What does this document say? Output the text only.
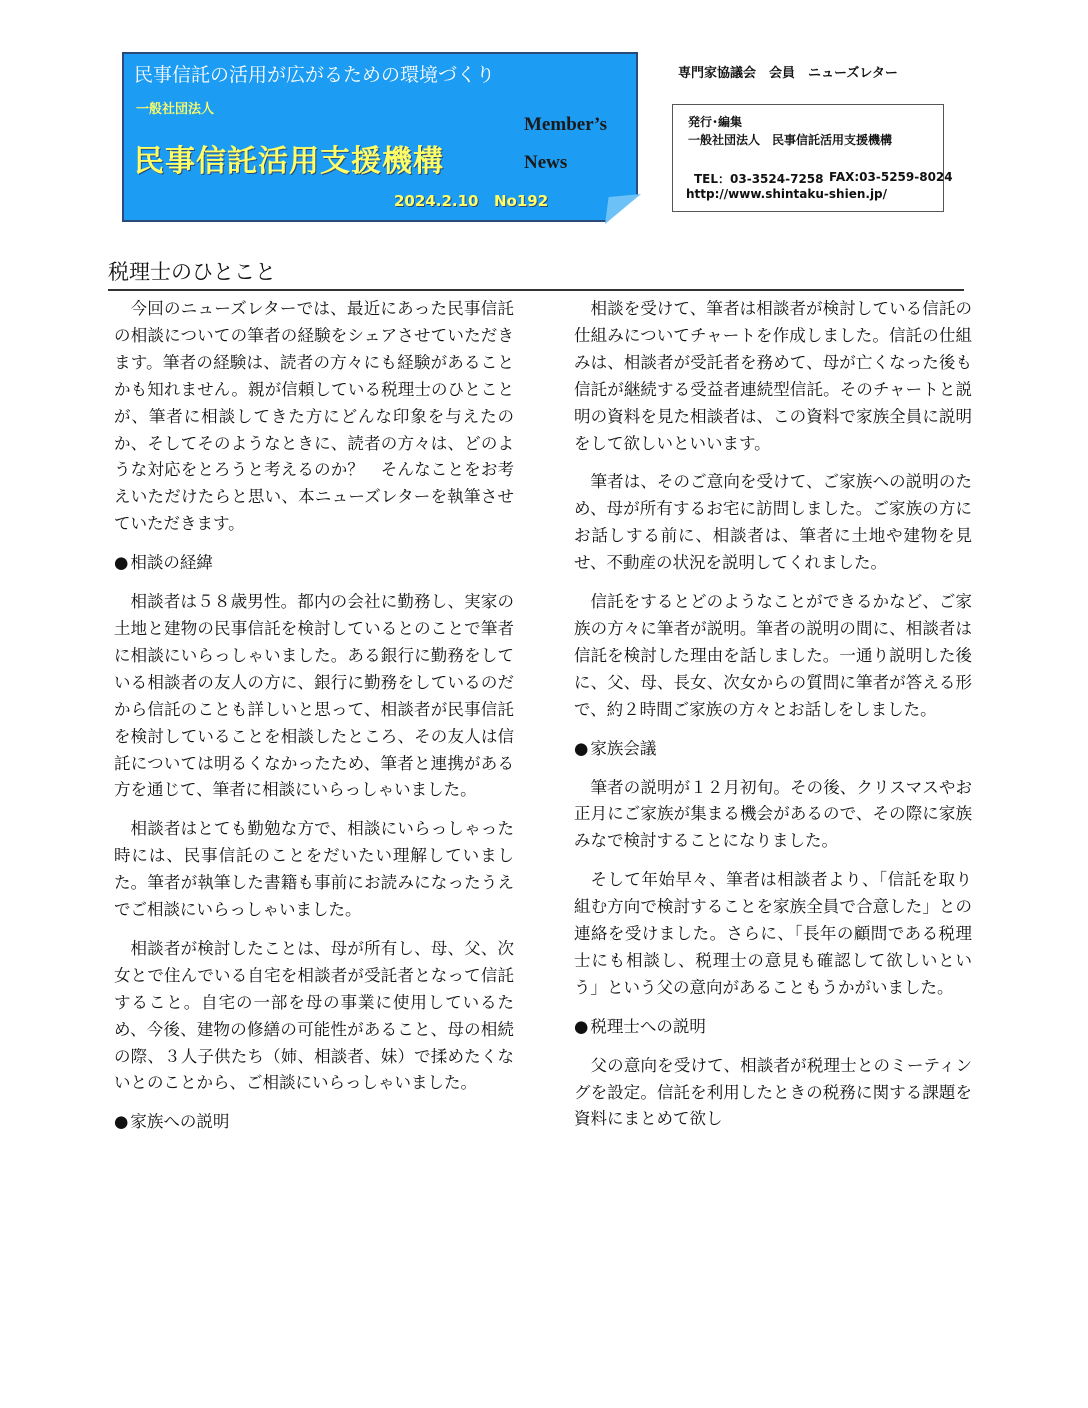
民事信託の活用が広がるための環境づくり
一般社団法人
民事信託活用支援機構
Member’s
News
2024.2.10 No192
専門家協議会　会員　ニューズレター
発行･編集
一般社団法人　民事信託活用支援機構
TEL：03-3524-7258 FAX:03-5259-8024
http://www.shintaku-shien.jp/
税理士のひとこと

今回のニューズレターでは、最近にあった民事信託の相談についての筆者の経験をシェアさせていただきます。筆者の経験は、読者の方々にも経験があることかも知れません。親が信頼している税理士のひとことが、筆者に相談してきた方にどんな印象を与えたのか、そしてそのようなときに、読者の方々は、どのような対応をとろうと考えるのか？　そんなことをお考えいただけたらと思い、本ニューズレターを執筆させていただきます。

● 相談の経緯

相談者は５８歳男性。都内の会社に勤務し、実家の土地と建物の民事信託を検討しているとのことで筆者に相談にいらっしゃいました。ある銀行に勤務をしている相談者の友人の方に、銀行に勤務をしているのだから信託のことも詳しいと思って、相談者が民事信託を検討していることを相談したところ、その友人は信託については明るくなかったため、筆者と連携がある方を通じて、筆者に相談にいらっしゃいました。

相談者はとても勤勉な方で、相談にいらっしゃった時には、民事信託のことをだいたい理解していました。筆者が執筆した書籍も事前にお読みになったうえでご相談にいらっしゃいました。

相談者が検討したことは、母が所有し、母、父、次女とで住んでいる自宅を相談者が受託者となって信託すること。自宅の一部を母の事業に使用しているため、今後、建物の修繕の可能性があること、母の相続の際、３人子供たち（姉、相談者、妹）で揉めたくないとのことから、ご相談にいらっしゃいました。

● 家族への説明

相談を受けて、筆者は相談者が検討している信託の仕組みについてチャートを作成しました。信託の仕組みは、相談者が受託者を務めて、母が亡くなった後も信託が継続する受益者連続型信託。そのチャートと説明の資料を見た相談者は、この資料で家族全員に説明をして欲しいといいます。

筆者は、そのご意向を受けて、ご家族への説明のため、母が所有するお宅に訪問しました。ご家族の方にお話しする前に、相談者は、筆者に土地や建物を見せ、不動産の状況を説明してくれました。

信託をするとどのようなことができるかなど、ご家族の方々に筆者が説明。筆者の説明の間に、相談者は信託を検討した理由を話しました。一通り説明した後に、父、母、長女、次女からの質問に筆者が答える形で、約２時間ご家族の方々とお話しをしました。

● 家族会議

筆者の説明が１２月初旬。その後、クリスマスやお正月にご家族が集まる機会があるので、その際に家族みなで検討することになりました。

そして年始早々、筆者は相談者より、「信託を取り組む方向で検討することを家族全員で合意した」との連絡を受けました。さらに、「長年の顧問である税理士にも相談し、税理士の意見も確認して欲しいという」という父の意向があることもうかがいました。

● 税理士への説明

父の意向を受けて、相談者が税理士とのミーティングを設定。信託を利用したときの税務に関する課題を資料にまとめて欲し
